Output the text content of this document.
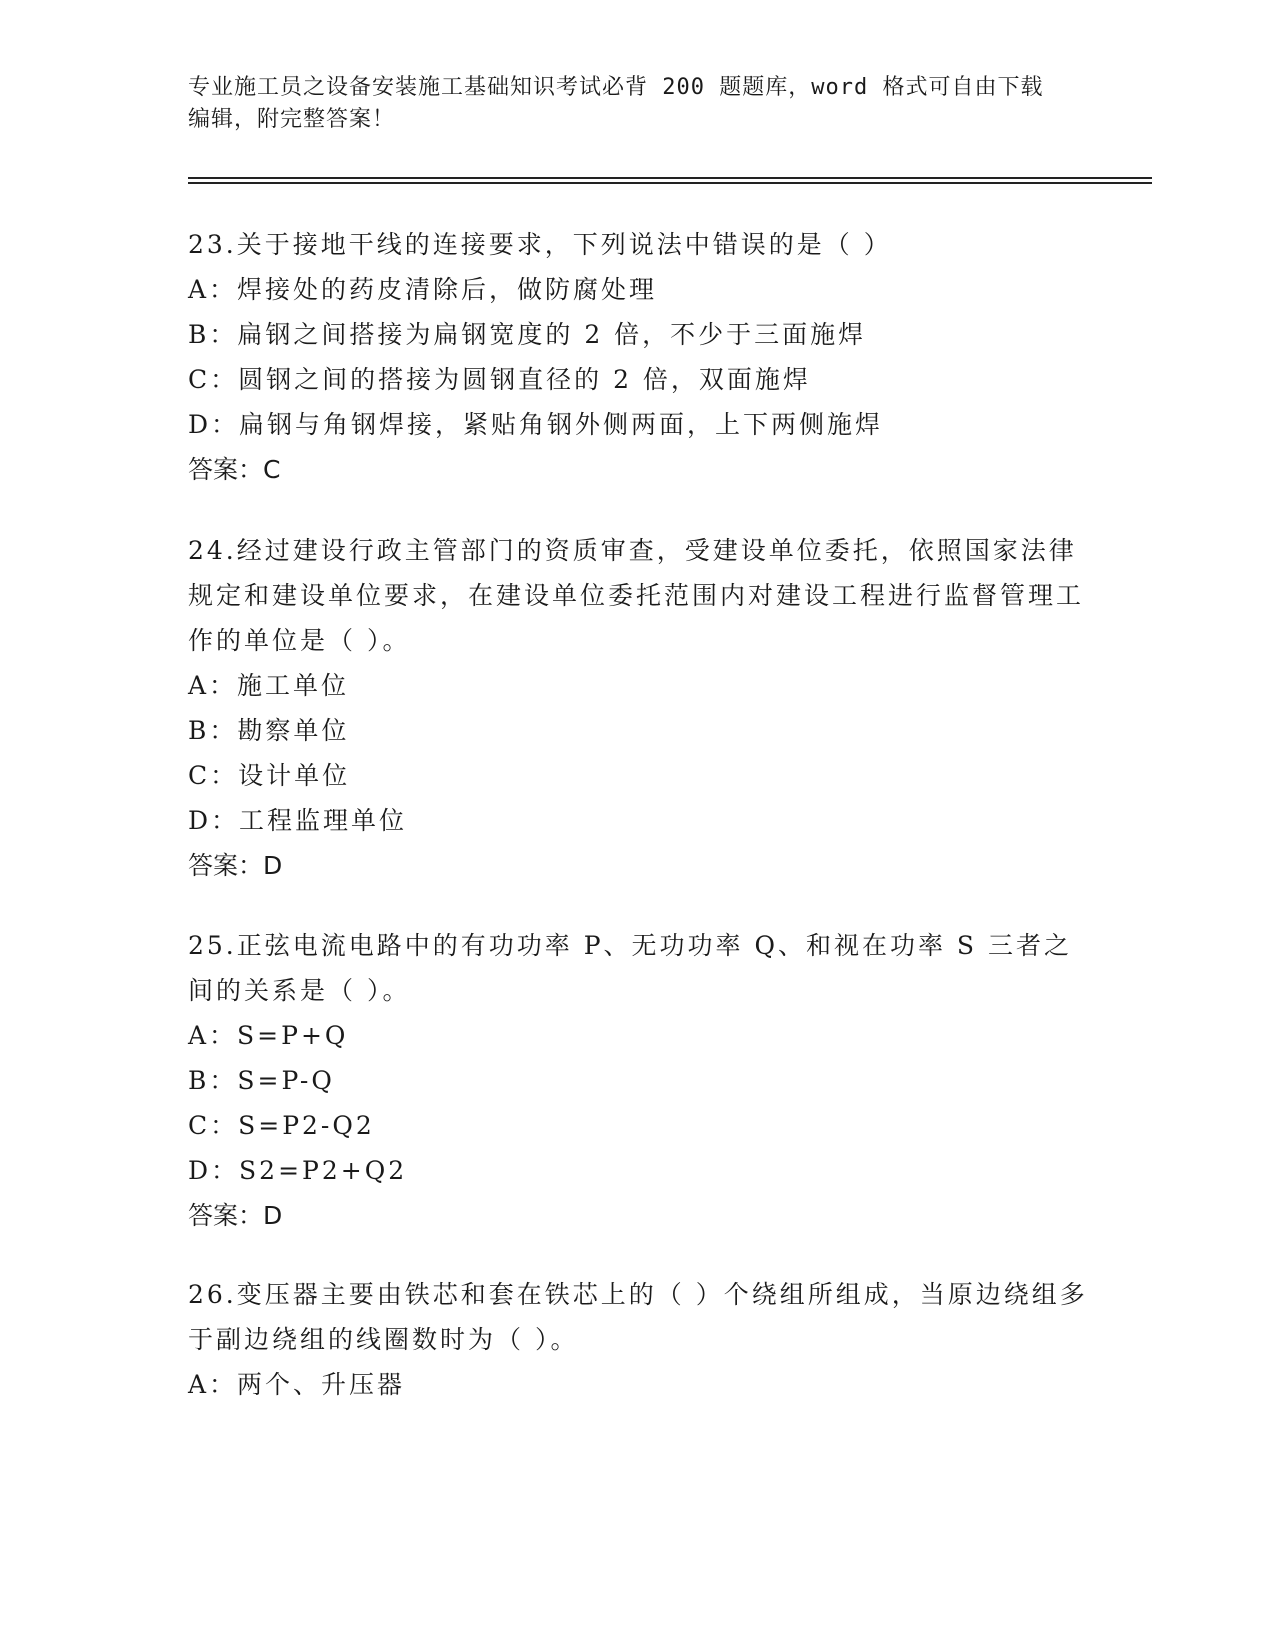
专业施工员之设备安装施工基础知识考试必背 200 题题库，word 格式可自由下载
编辑，附完整答案！
23.关于接地干线的连接要求，下列说法中错误的是（ ）
A：焊接处的药皮清除后，做防腐处理
B：扁钢之间搭接为扁钢宽度的 2 倍，不少于三面施焊
C：圆钢之间的搭接为圆钢直径的 2 倍，双面施焊
D：扁钢与角钢焊接，紧贴角钢外侧两面，上下两侧施焊
答案：C
24.经过建设行政主管部门的资质审查，受建设单位委托，依照国家法律规定和建设单位要求，在建设单位委托范围内对建设工程进行监督管理工作的单位是（ ）。
A：施工单位
B：勘察单位
C：设计单位
D：工程监理单位
答案：D
25.正弦电流电路中的有功功率 P、无功功率 Q、和视在功率 S 三者之间的关系是（ ）。
A：S=P+Q
B：S=P-Q
C：S=P2-Q2
D：S2=P2+Q2
答案：D
26.变压器主要由铁芯和套在铁芯上的（ ）个绕组所组成，当原边绕组多于副边绕组的线圈数时为（ ）。
A：两个、升压器
